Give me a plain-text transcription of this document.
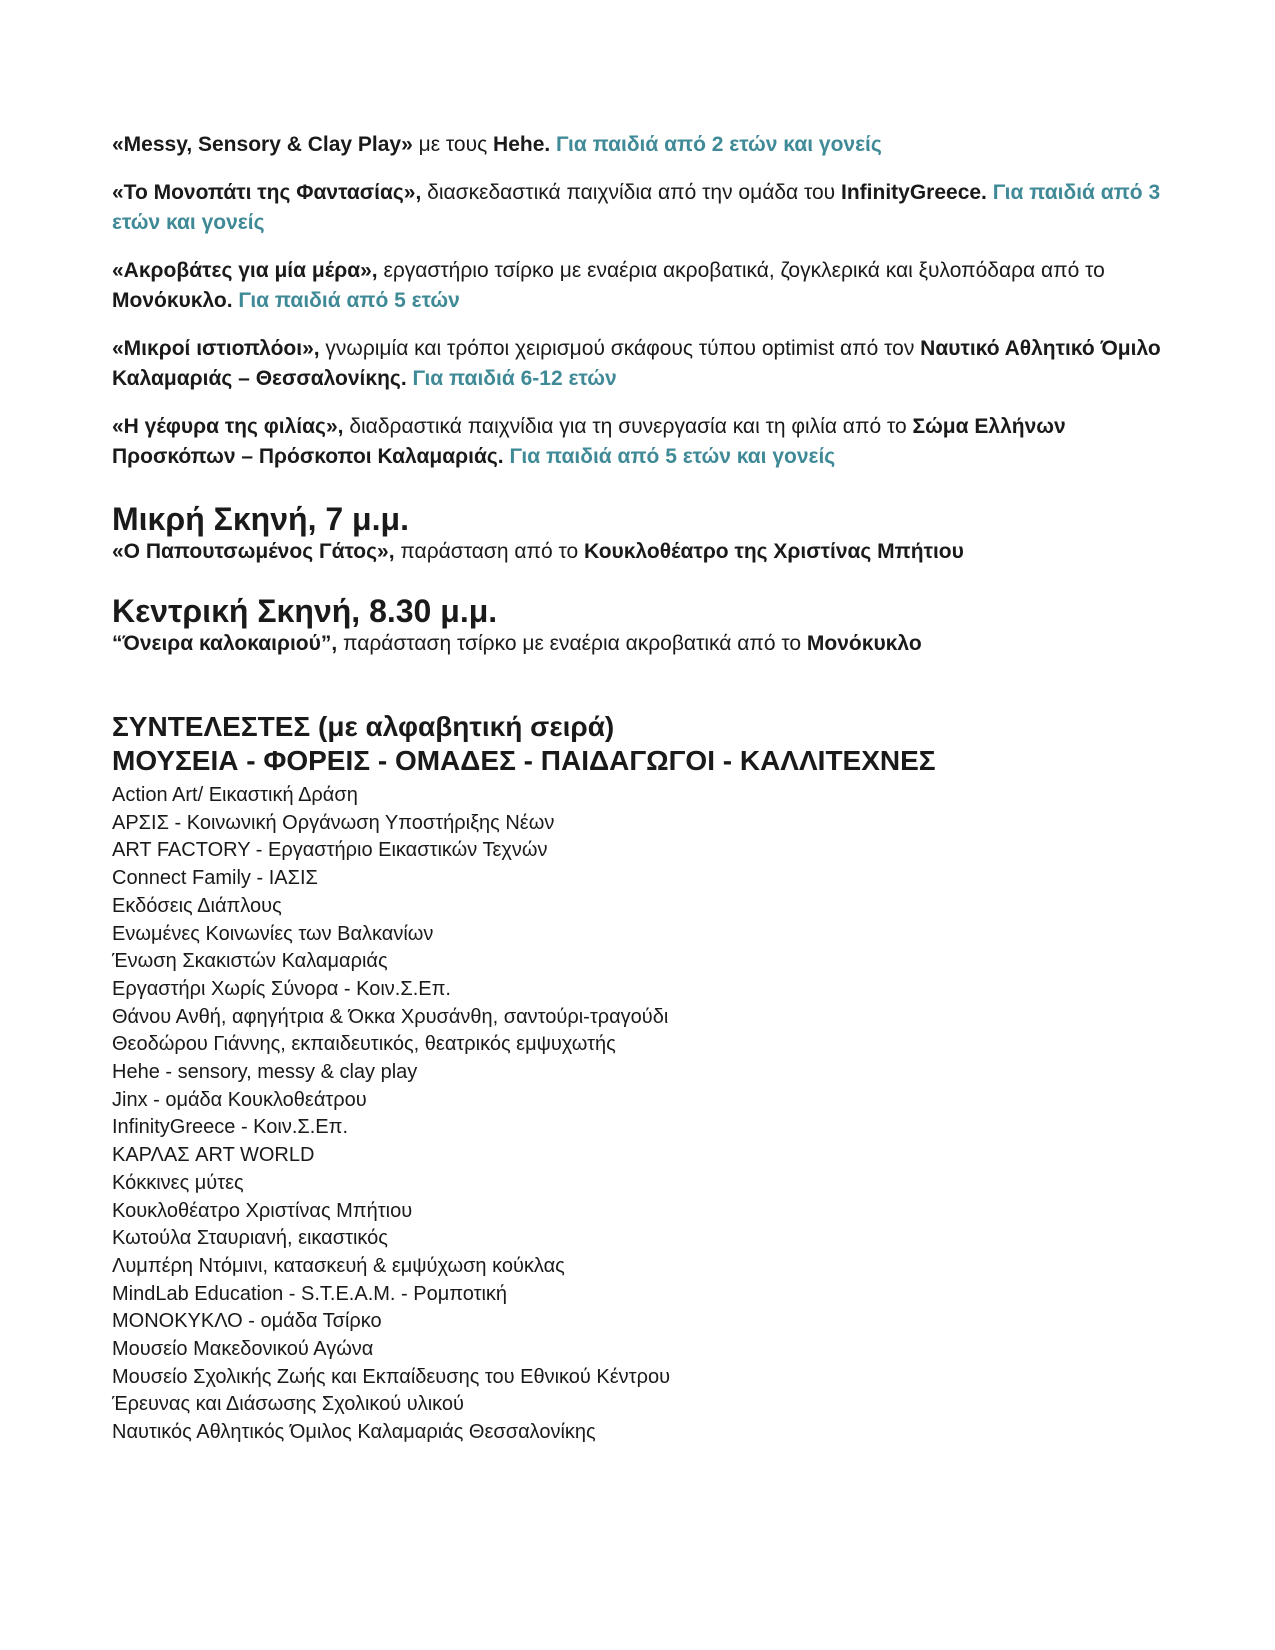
«Messy, Sensory & Clay Play» με τους Hehe. Για παιδιά από 2 ετών και γονείς

«Το Μονοπάτι της Φαντασίας», διασκεδαστικά παιχνίδια από την ομάδα του InfinityGreece. Για παιδιά από 3 ετών και γονείς

«Ακροβάτες για μία μέρα», εργαστήριο τσίρκο με εναέρια ακροβατικά, ζογκλερικά και ξυλοπόδαρα από το Μονόκυκλο. Για παιδιά από 5 ετών

«Μικροί ιστιοπλόοι», γνωριμία και τρόποι χειρισμού σκάφους τύπου optimist από τον Ναυτικό Αθλητικό Όμιλο Καλαμαριάς – Θεσσαλονίκης. Για παιδιά 6-12 ετών

«Η γέφυρα της φιλίας», διαδραστικά παιχνίδια για τη συνεργασία και τη φιλία από το Σώμα Ελλήνων Προσκόπων – Πρόσκοποι Καλαμαριάς. Για παιδιά από 5 ετών και γονείς

Μικρή Σκηνή, 7 μ.μ.

«Ο Παπουτσωμένος Γάτος», παράσταση από το Κουκλοθέατρο της Χριστίνας Μπήτιου

Κεντρική Σκηνή, 8.30 μ.μ.

“Όνειρα καλοκαιριού”, παράσταση τσίρκο με εναέρια ακροβατικά από το Μονόκυκλο

ΣΥΝΤΕΛΕΣΤΕΣ (με αλφαβητική σειρά)
ΜΟΥΣΕΙΑ - ΦΟΡΕΙΣ - ΟΜΑΔΕΣ - ΠΑΙΔΑΓΩΓΟΙ - ΚΑΛΛΙΤΕΧΝΕΣ
Action Art/ Εικαστική Δράση
ΑΡΣΙΣ - Κοινωνική Οργάνωση Υποστήριξης Νέων
ART FACTORY - Εργαστήριο Εικαστικών Τεχνών
Connect Family - ΙΑΣΙΣ
Εκδόσεις Διάπλους
Ενωμένες Κοινωνίες των Βαλκανίων
Ένωση Σκακιστών Καλαμαριάς
Εργαστήρι Χωρίς Σύνορα - Κοιν.Σ.Επ.
Θάνου Ανθή, αφηγήτρια & Όκκα Χρυσάνθη, σαντούρι-τραγούδι
Θεοδώρου Γιάννης, εκπαιδευτικός, θεατρικός εμψυχωτής
Hehe - sensory, messy & clay play
Jinx - ομάδα Κουκλοθεάτρου
InfinityGreece - Κοιν.Σ.Επ.
ΚΑΡΛΑΣ ART WORLD
Κόκκινες μύτες
Κουκλοθέατρο Χριστίνας Μπήτιου
Κωτούλα Σταυριανή, εικαστικός
Λυμπέρη Ντόμινι, κατασκευή & εμψύχωση κούκλας
MindLab Education - S.T.E.A.M. - Ρομποτική
ΜΟΝΟΚΥΚΛΟ - ομάδα Τσίρκο
Μουσείο Μακεδονικού Αγώνα
Μουσείο Σχολικής Ζωής και Εκπαίδευσης του Εθνικού Κέντρου
Έρευνας και Διάσωσης Σχολικού υλικού
Ναυτικός Αθλητικός Όμιλος Καλαμαριάς Θεσσαλονίκης
